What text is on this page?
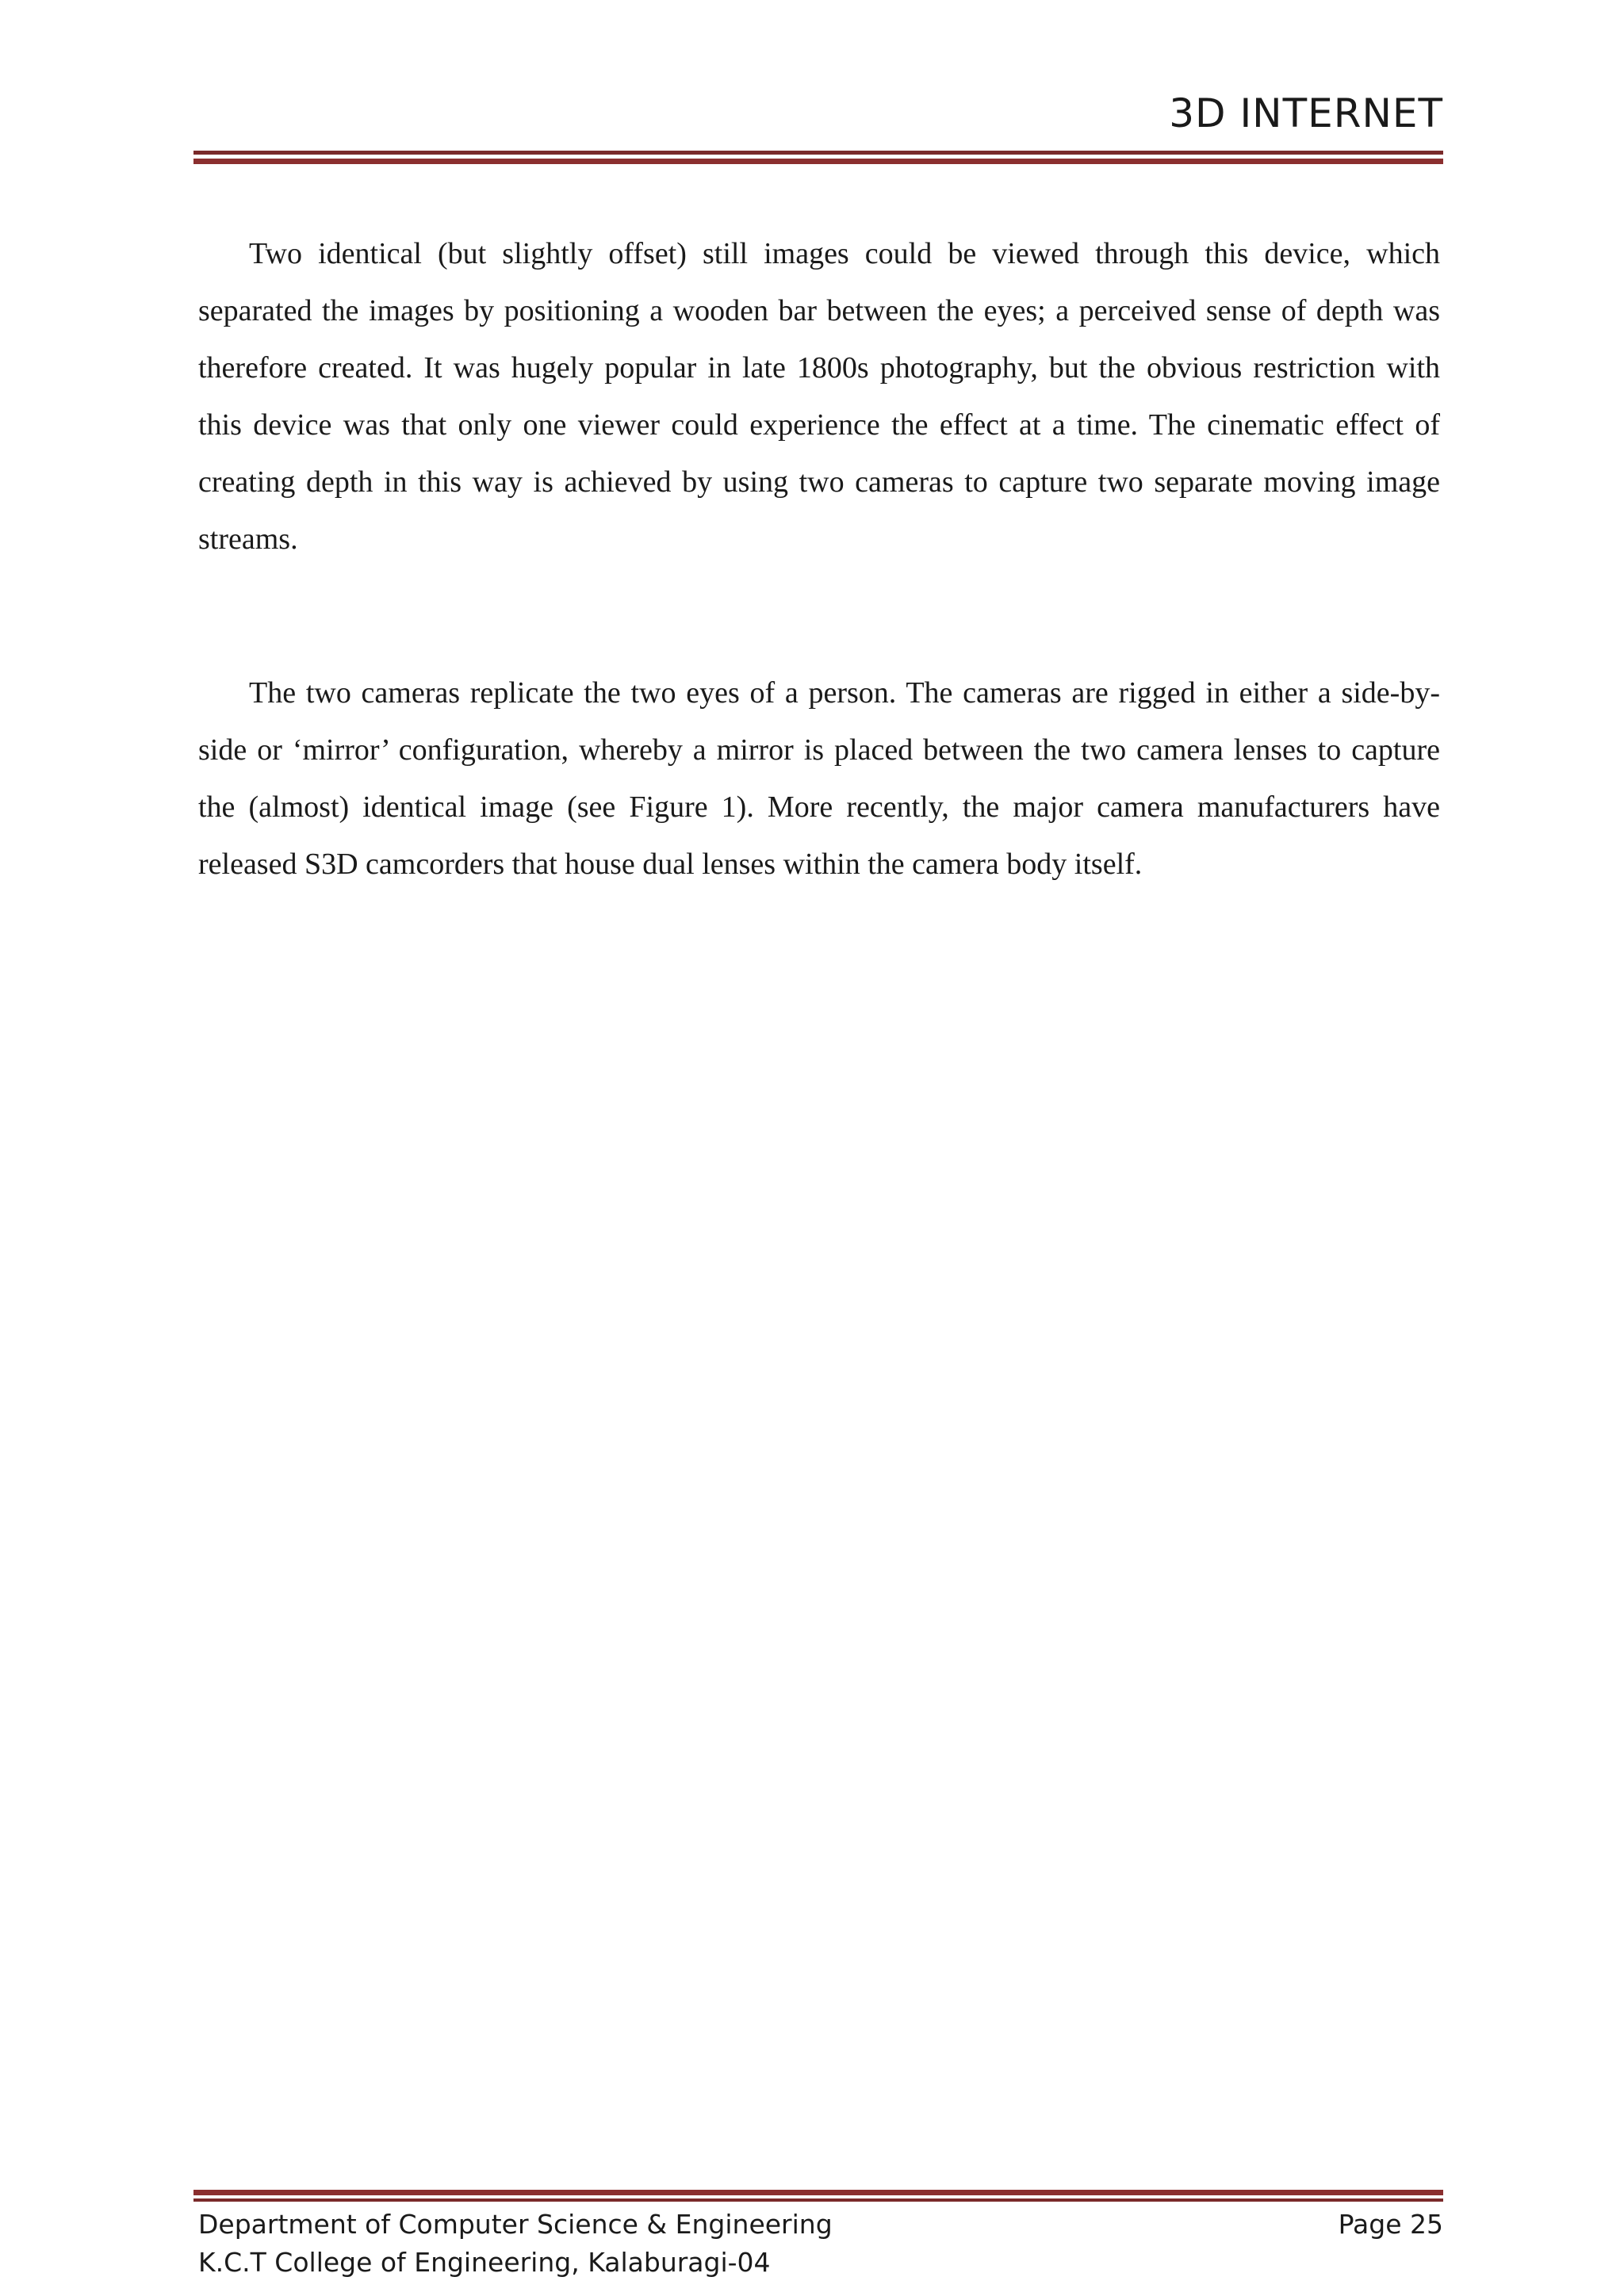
3D INTERNET

Two identical (but slightly offset) still images could be viewed through this device, which separated the images by positioning a wooden bar between the eyes; a perceived sense of depth was therefore created. It was hugely popular in late 1800s photography, but the obvious restriction with this device was that only one viewer could experience the effect at a time. The cinematic effect of creating depth in this way is achieved by using two cameras to capture two separate moving image streams.

The two cameras replicate the two eyes of a person. The cameras are rigged in either a side-by-side or ‘mirror’ configuration, whereby a mirror is placed between the two camera lenses to capture the (almost) identical image (see Figure 1). More recently, the major camera manufacturers have released S3D camcorders that house dual lenses within the camera body itself.

Department of Computer Science & Engineering
K.C.T College of Engineering, Kalaburagi-04
Page 25
